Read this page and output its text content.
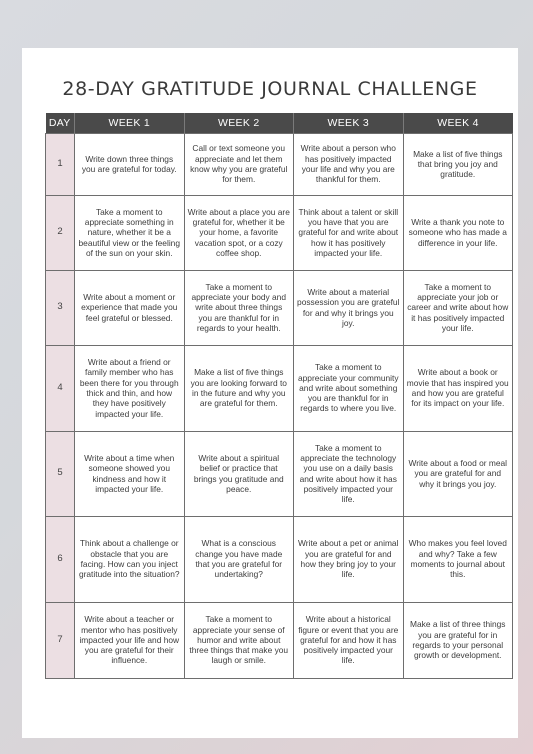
28-DAY GRATITUDE JOURNAL CHALLENGE
DAY	WEEK 1	WEEK 2	WEEK 3	WEEK 4
1	Write down three things you are grateful for today.	Call or text someone you appreciate and let them know why you are grateful for them.	Write about a person who has positively impacted your life and why you are thankful for them.	Make a list of five things that bring you joy and gratitude.
2	Take a moment to appreciate something in nature, whether it be a beautiful view or the feeling of the sun on your skin.	Write about a place you are grateful for, whether it be your home, a favorite vacation spot, or a cozy coffee shop.	Think about a talent or skill you have that you are grateful for and write about how it has positively impacted your life.	Write a thank you note to someone who has made a difference in your life.
3	Write about a moment or experience that made you feel grateful or blessed.	Take a moment to appreciate your body and write about three things you are thankful for in regards to your health.	Write about a material possession you are grateful for and why it brings you joy.	Take a moment to appreciate your job or career and write about how it has positively impacted your life.
4	Write about a friend or family member who has been there for you through thick and thin, and how they have positively impacted your life.	Make a list of five things you are looking forward to in the future and why you are grateful for them.	Take a moment to appreciate your community and write about something you are thankful for in regards to where you live.	Write about a book or movie that has inspired you and how you are grateful for its impact on your life.
5	Write about a time when someone showed you kindness and how it impacted your life.	Write about a spiritual belief or practice that brings you gratitude and peace.	Take a moment to appreciate the technology you use on a daily basis and write about how it has positively impacted your life.	Write about a food or meal you are grateful for and why it brings you joy.
6	Think about a challenge or obstacle that you are facing. How can you inject gratitude into the situation?	What is a conscious change you have made that you are grateful for undertaking?	Write about a pet or animal you are grateful for and how they bring joy to your life.	Who makes you feel loved and why? Take a few moments to journal about this.
7	Write about a teacher or mentor who has positively impacted your life and how you are grateful for their influence.	Take a moment to appreciate your sense of humor and write about three things that make you laugh or smile.	Write about a historical figure or event that you are grateful for and how it has positively impacted your life.	Make a list of three things you are grateful for in regards to your personal growth or development.
